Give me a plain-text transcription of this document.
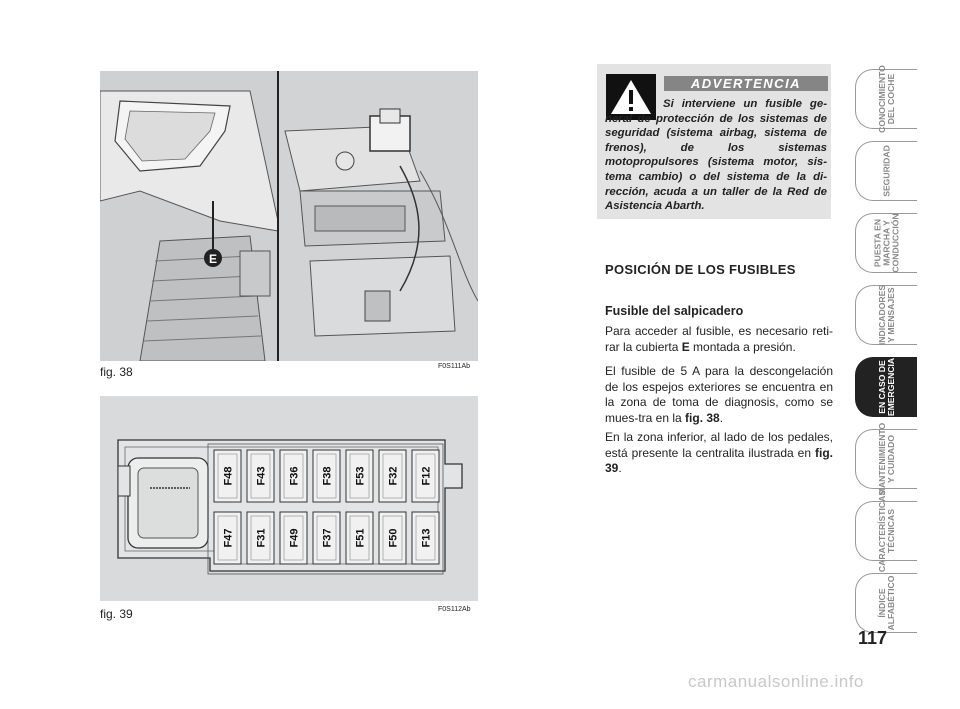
E
fig. 38	F0S111Ab
F48 F43 F36 F38 F53 F32 F12
F47 F31 F49 F37 F51 F50 F13
fig. 39	F0S112Ab
ADVERTENCIA
Si interviene un fusible ge-neral de protección de los sistemas de seguridad (sistema airbag, sistema de frenos), de los sistemas motopropulsores (sistema motor, sis-tema cambio) o del sistema de la di-rección, acuda a un taller de la Red de Asistencia Abarth.
POSICIÓN DE LOS FUSIBLES
Fusible del salpicadero

Para acceder al fusible, es necesario reti-rar la cubierta E montada a presión.

El fusible de 5 A para la descongelación de los espejos exteriores se encuentra en la zona de toma de diagnosis, como se mues-tra en la fig. 38.

En la zona inferior, al lado de los pedales, está presente la centralita ilustrada en fig. 39.

CONOCIMIENTO
DEL COCHE
SEGURIDAD
PUESTA EN
MARCHA Y
CONDUCCIÓN
INDICADORES
Y MENSAJES
EN CASO DE
EMERGENCIA
MANTENIMIENTO
Y CUIDADO
CARACTERÍSTICAS
TÉCNICAS
ÍNDICE
ALFABÉTICO
117
carmanualsonline.info
